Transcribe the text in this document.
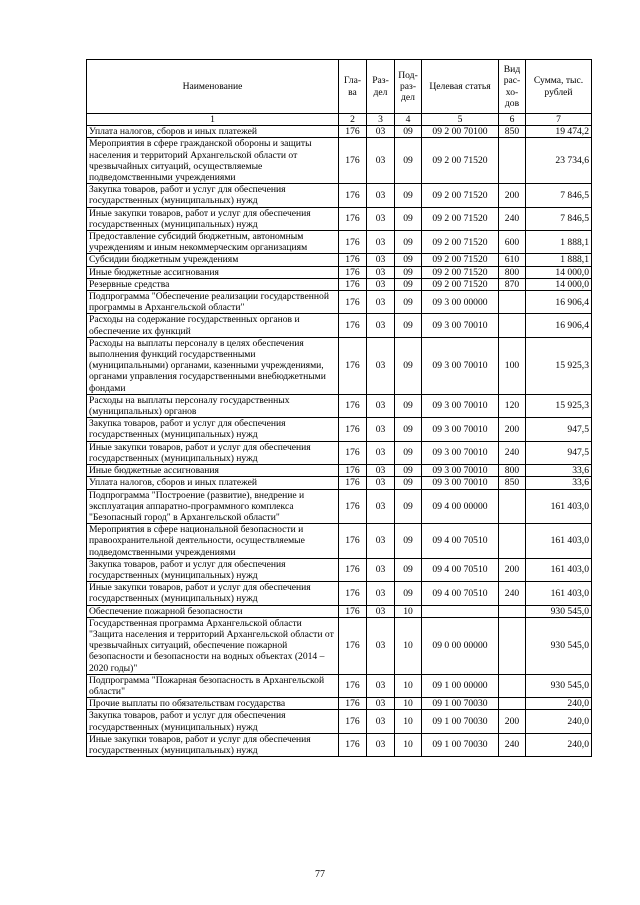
Наименование	Гла-ва	Раз-дел	Под-раз-дел	Целевая статья	Вид рас-хо-дов	Сумма, тыс. рублей
1	2	3	4	5	6	7
Уплата налогов, сборов и иных платежей	176	03	09	09 2 00 70100	850	19 474,2
Мероприятия в сфере гражданской обороны и защиты населения и территорий Архангельской области от чрезвычайных ситуаций, осуществляемые подведомственными учреждениями	176	03	09	09 2 00 71520		23 734,6
Закупка товаров, работ и услуг для обеспечения государственных (муниципальных) нужд	176	03	09	09 2 00 71520	200	7 846,5
Иные закупки товаров, работ и услуг для обеспечения государственных (муниципальных) нужд	176	03	09	09 2 00 71520	240	7 846,5
Предоставление субсидий бюджетным, автономным учреждениям и иным некоммерческим организациям	176	03	09	09 2 00 71520	600	1 888,1
Субсидии бюджетным учреждениям	176	03	09	09 2 00 71520	610	1 888,1
Иные бюджетные ассигнования	176	03	09	09 2 00 71520	800	14 000,0
Резервные средства	176	03	09	09 2 00 71520	870	14 000,0
Подпрограмма "Обеспечение реализации государственной программы в Архангельской области"	176	03	09	09 3 00 00000		16 906,4
Расходы на содержание государственных органов и обеспечение их функций	176	03	09	09 3 00 70010		16 906,4
Расходы на выплаты персоналу в целях обеспечения выполнения функций государственными (муниципальными) органами, казенными учреждениями, органами управления государственными внебюджетными фондами	176	03	09	09 3 00 70010	100	15 925,3
Расходы на выплаты персоналу государственных (муниципальных) органов	176	03	09	09 3 00 70010	120	15 925,3
Закупка товаров, работ и услуг для обеспечения государственных (муниципальных) нужд	176	03	09	09 3 00 70010	200	947,5
Иные закупки товаров, работ и услуг для обеспечения государственных (муниципальных) нужд	176	03	09	09 3 00 70010	240	947,5
Иные бюджетные ассигнования	176	03	09	09 3 00 70010	800	33,6
Уплата налогов, сборов и иных платежей	176	03	09	09 3 00 70010	850	33,6
Подпрограмма "Построение (развитие), внедрение и эксплуатация аппаратно-программного комплекса "Безопасный город" в Архангельской области"	176	03	09	09 4 00 00000		161 403,0
Мероприятия в сфере национальной безопасности и правоохранительной деятельности, осуществляемые подведомственными учреждениями	176	03	09	09 4 00 70510		161 403,0
Закупка товаров, работ и услуг для обеспечения государственных (муниципальных) нужд	176	03	09	09 4 00 70510	200	161 403,0
Иные закупки товаров, работ и услуг для обеспечения государственных (муниципальных) нужд	176	03	09	09 4 00 70510	240	161 403,0
Обеспечение пожарной безопасности	176	03	10			930 545,0
Государственная программа Архангельской области "Защита населения и территорий Архангельской области от чрезвычайных ситуаций, обеспечение пожарной безопасности и безопасности на водных объектах (2014 – 2020 годы)"	176	03	10	09 0 00 00000		930 545,0
Подпрограмма "Пожарная безопасность в Архангельской области"	176	03	10	09 1 00 00000		930 545,0
Прочие выплаты по обязательствам государства	176	03	10	09 1 00 70030		240,0
Закупка товаров, работ и услуг для обеспечения государственных (муниципальных) нужд	176	03	10	09 1 00 70030	200	240,0
Иные закупки товаров, работ и услуг для обеспечения государственных (муниципальных) нужд	176	03	10	09 1 00 70030	240	240,0
77
